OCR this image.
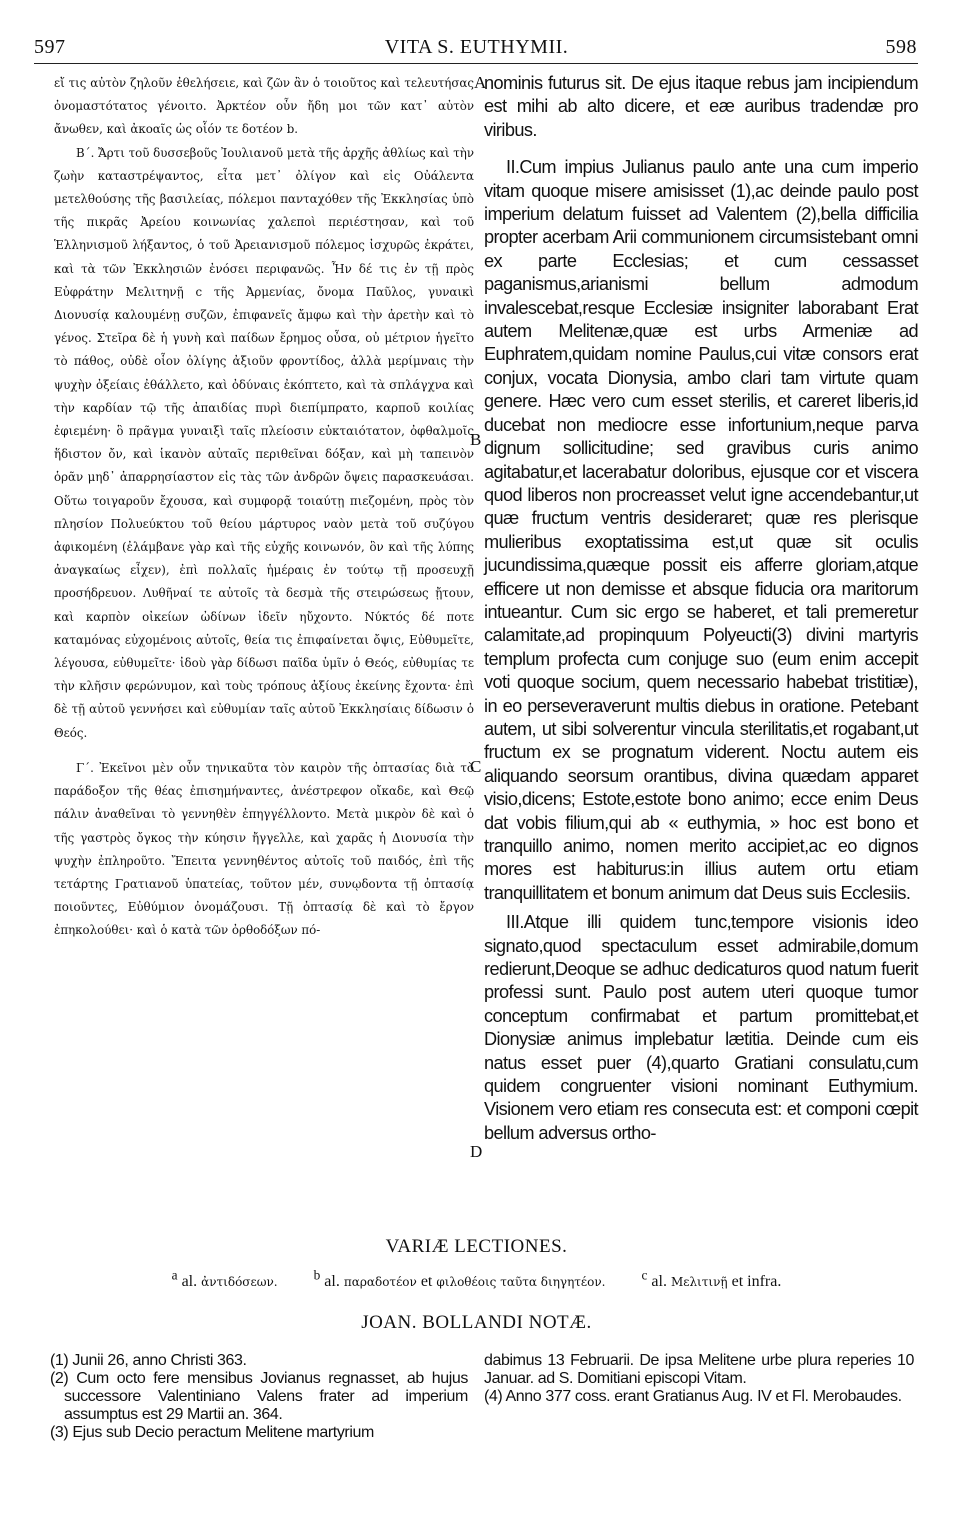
597	VITA S. EUTHYMII.	598

εἴ τις αὐτὸν ζηλοῦν ἐθελήσειε, καὶ ζῶν ἂν ὁ τοιοῦτος καὶ τελευτήσας ὀνομαστότατος γένοιτο. Ἀρκτέον οὖν ἤδη μοι τῶν κατ᾽ αὐτὸν ἄνωθεν, καὶ ἀκοαῖς ὡς οἷόν τε δοτέον b.

Β΄. Ἄρτι τοῦ δυσσεβοῦς Ἰουλιανοῦ μετὰ τῆς ἀρχῆς ἀθλίως καὶ τὴν ζωὴν καταστρέψαντος, εἶτα μετ᾽ ὀλίγον καὶ εἰς Οὐάλεντα μετελθούσης τῆς βασιλείας, πόλεμοι πανταχόθεν τῆς Ἐκκλησίας ὑπὸ τῆς πικρᾶς Ἀρείου κοινωνίας χαλεποὶ περιέστησαν, καὶ τοῦ Ἑλληνισμοῦ λήξαντος, ὁ τοῦ Ἀρειανισμοῦ πόλεμος ἰσχυρῶς ἐκράτει, καὶ τὰ τῶν Ἐκκλησιῶν ἐνόσει περιφανῶς. Ἦν δέ τις ἐν τῇ πρὸς Εὐφράτην Μελιτηνῇ c τῆς Ἀρμενίας, ὄνομα Παῦλος, γυναικὶ Διονυσίᾳ καλουμένῃ συζῶν, ἐπιφανεῖς ἄμφω καὶ τὴν ἀρετὴν καὶ τὸ γένος. Στεῖρα δὲ ἡ γυνὴ καὶ παίδων ἔρημος οὖσα, οὐ μέτριον ἡγεῖτο τὸ πάθος, οὐδὲ οἷον ὀλίγης ἀξιοῦν φροντίδος, ἀλλὰ μερίμναις τὴν ψυχὴν ὀξείαις ἐθάλλετο, καὶ ὀδύναις ἐκόπτετο, καὶ τὰ σπλάγχνα καὶ τὴν καρδίαν τῷ τῆς ἀπαιδίας πυρὶ διεπίμπρατο, καρποῦ κοιλίας ἐφιεμένη· ὃ πρᾶγμα γυναιξὶ ταῖς πλείοσιν εὐκταιότατον, ὀφθαλμοῖς ἥδιστον ὄν, καὶ ἱκανὸν αὐταῖς περιθεῖναι δόξαν, καὶ μὴ ταπεινὸν ὁρᾶν μηδ᾽ ἀπαρρησίαστον εἰς τὰς τῶν ἀνδρῶν ὄψεις παρασκευάσαι. Οὕτω τοιγαροῦν ἔχουσα, καὶ συμφορᾷ τοιαύτῃ πιεζομένη, πρὸς τὸν πλησίον Πολυεύκτου τοῦ θείου μάρτυρος ναὸν μετὰ τοῦ συζύγου ἀφικομένη (ἐλάμβανε γὰρ καὶ τῆς εὐχῆς κοινωνόν, ὃν καὶ τῆς λύπης ἀναγκαίως εἶχεν), ἐπὶ πολλαῖς ἡμέραις ἐν τούτῳ τῇ προσευχῇ προσήδρευον. Λυθῆναί τε αὐτοῖς τὰ δεσμὰ τῆς στειρώσεως ᾔτουν, καὶ καρπὸν οἰκείων ὠδίνων ἰδεῖν ηὔχοντο. Νύκτός δέ ποτε καταμόνας εὐχομένοις αὐτοῖς, θεία τις ἐπιφαίνεται ὄψις, Εὐθυμεῖτε, λέγουσα, εὐθυμεῖτε· ἰδοὺ γὰρ δίδωσι παῖδα ὑμῖν ὁ Θεός, εὐθυμίας τε τὴν κλῆσιν φερώνυμον, καὶ τοὺς τρόπους ἀξίους ἐκείνης ἔχοντα· ἐπὶ δὲ τῇ αὐτοῦ γεννήσει καὶ εὐθυμίαν ταῖς αὐτοῦ Ἐκκλησίαις δίδωσιν ὁ Θεός.

Γ΄. Ἐκεῖνοι μὲν οὖν τηνικαῦτα τὸν καιρὸν τῆς ὀπτασίας διὰ τὸ παράδοξον τῆς θέας ἐπισημήναντες, ἀνέστρεφον οἴκαδε, καὶ Θεῷ πάλιν ἀναθεῖναι τὸ γεννηθὲν ἐπηγγέλλοντο. Μετὰ μικρὸν δὲ καὶ ὁ τῆς γαστρὸς ὄγκος τὴν κύησιν ἤγγελλε, καὶ χαρᾶς ἡ Διονυσία τὴν ψυχὴν ἐπληροῦτο. Ἔπειτα γεννηθέντος αὐτοῖς τοῦ παιδός, ἐπὶ τῆς τετάρτης Γρατιανοῦ ὑπατείας, τοῦτον μέν, συνῳδοντα τῇ ὀπτασίᾳ ποιοῦντες, Εὐθύμιον ὀνομάζουσι. Τῇ ὀπτασίᾳ δὲ καὶ τὸ ἔργον ἐπηκολούθει· καὶ ὁ κατὰ τῶν ὀρθοδόξων πό-

nominis futurus sit. De ejus itaque rebus jam incipiendum est mihi ab alto dicere, et eæ auribus tradendæ pro viribus.

II.Cum impius Julianus paulo ante una cum imperio vitam quoque misere amisisset (1),ac deinde paulo post imperium delatum fuisset ad Valentem (2),bella difficilia propter acerbam Arii communionem circumsistebant omni ex parte Ecclesias; et cum cessasset paganismus,arianismi bellum admodum invalescebat,resque Ecclesiæ insigniter laborabant Erat autem Melitenæ,quæ est urbs Armeniæ ad Euphratem,quidam nomine Paulus,cui vitæ consors erat conjux, vocata Dionysia, ambo clari tam virtute quam genere. Hæc vero cum esset sterilis, et careret liberis,id ducebat non mediocre esse infortunium,neque parva dignum sollicitudine; sed gravibus curis animo agitabatur,et lacerabatur doloribus, ejusque cor et viscera quod liberos non procreasset velut igne accendebantur,ut quæ fructum ventris desideraret; quæ res plerisque mulieribus exoptatissima est,ut quæ sit oculis jucundissima,quæque possit eis afferre gloriam,atque efficere ut non demisse et absque fiducia ora maritorum intueantur. Cum sic ergo se haberet, et tali premeretur calamitate,ad propinquum Polyeucti(3) divini martyris templum profecta cum conjuge suo (eum enim accepit voti quoque socium, quem necessario habebat tristitiæ), in eo perseveraverunt multis diebus in oratione. Petebant autem, ut sibi solverentur vincula sterilitatis,et rogabant,ut fructum ex se prognatum viderent. Noctu autem eis aliquando seorsum orantibus, divina quædam apparet visio,dicens; Estote,estote bono animo; ecce enim Deus dat vobis filium,qui ab « euthymia, » hoc est bono et tranquillo animo, nomen merito accipiet,ac eo dignos mores est habiturus:in illius autem ortu etiam tranquillitatem et bonum animum dat Deus suis Ecclesiis.

III.Atque illi quidem tunc,tempore visionis ideo signato,quod spectaculum esset admirabile,domum redierunt,Deoque se adhuc dedicaturos quod natum fuerit professi sunt. Paulo post autem uteri quoque tumor conceptum confirmabat et partum promittebat,et Dionysiæ animus implebatur lætitia. Deinde cum eis natus esset puer (4),quarto Gratiani consulatu,cum quidem congruenter visioni nominant Euthymium. Visionem vero etiam res consecuta est: et componi cœpit bellum adversus ortho-

A
B
C
D
VARIÆ LECTIONES.
$^a$ al. ἀντιδόσεων.	$^b$ al. παραδοτέον et φιλοθέοις ταῦτα διηγητέον.	$^c$ al. Μελιτινῇ et infra.
JOAN. BOLLANDI NOTÆ.

(1) Junii 26, anno Christi 363.

(2) Cum octo fere mensibus Jovianus regnasset, ab hujus successore Valentiniano Valens frater ad imperium assumptus est 29 Martii an. 364.

(3) Ejus sub Decio peractum Melitene martyrium

dabimus 13 Februarii. De ipsa Melitene urbe plura reperies 10 Januar. ad S. Domitiani episcopi Vitam.

(4) Anno 377 coss. erant Gratianus Aug. IV et Fl. Merobaudes.
